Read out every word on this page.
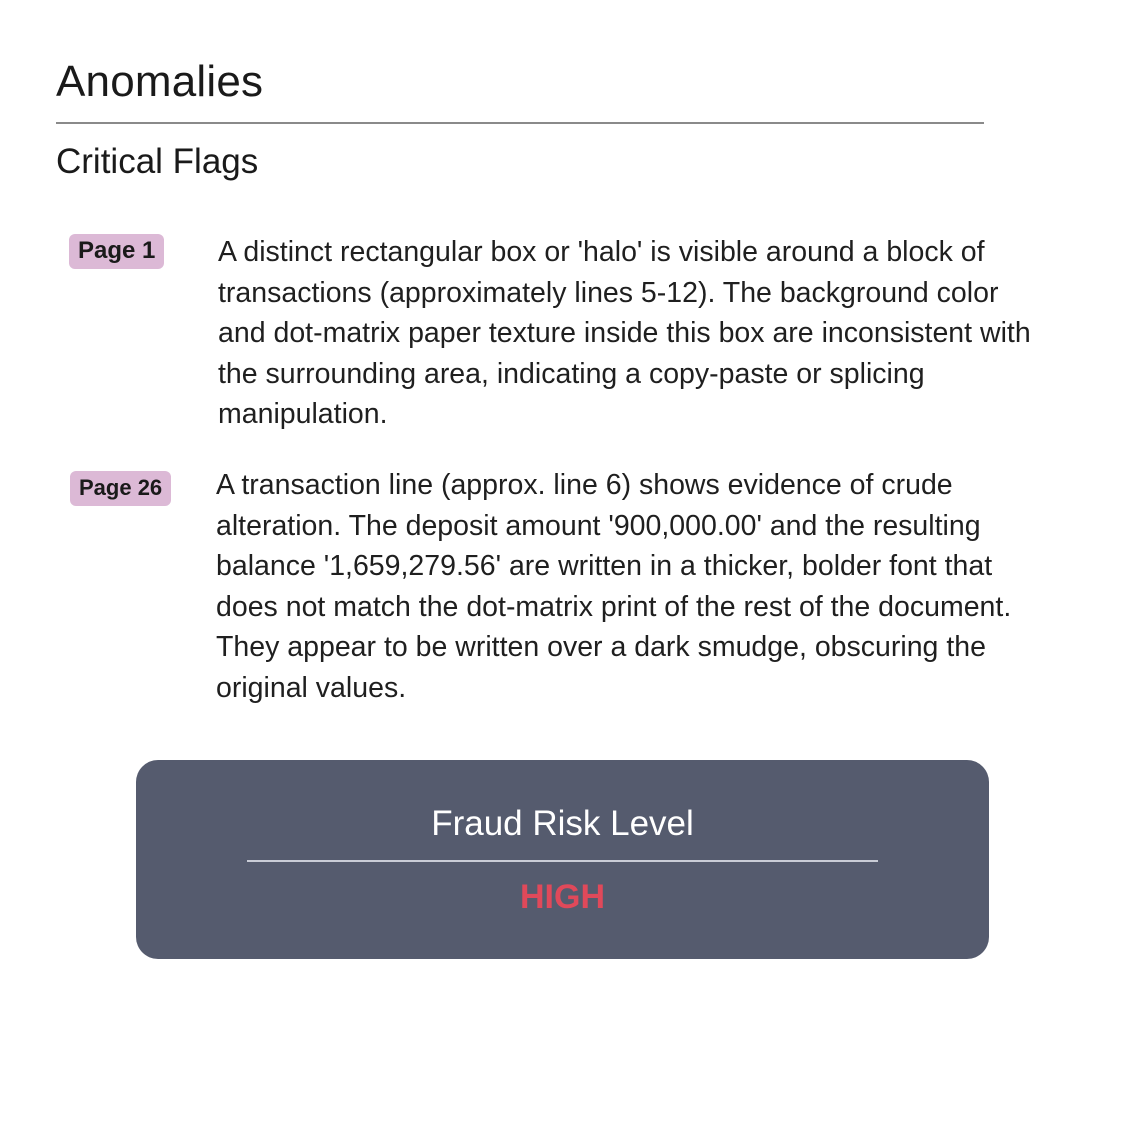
Anomalies
Critical Flags
Page 1	A distinct rectangular box or 'halo' is visible around a block of transactions (approximately lines 5-12). The background color and dot-matrix paper texture inside this box are inconsistent with the surrounding area, indicating a copy-paste or splicing manipulation.

Page 26	A transaction line (approx. line 6) shows evidence of crude alteration. The deposit amount '900,000.00' and the resulting balance '1,659,279.56' are written in a thicker, bolder font that does not match the dot-matrix print of the rest of the document. They appear to be written over a dark smudge, obscuring the original values.

Fraud Risk Level
HIGH
